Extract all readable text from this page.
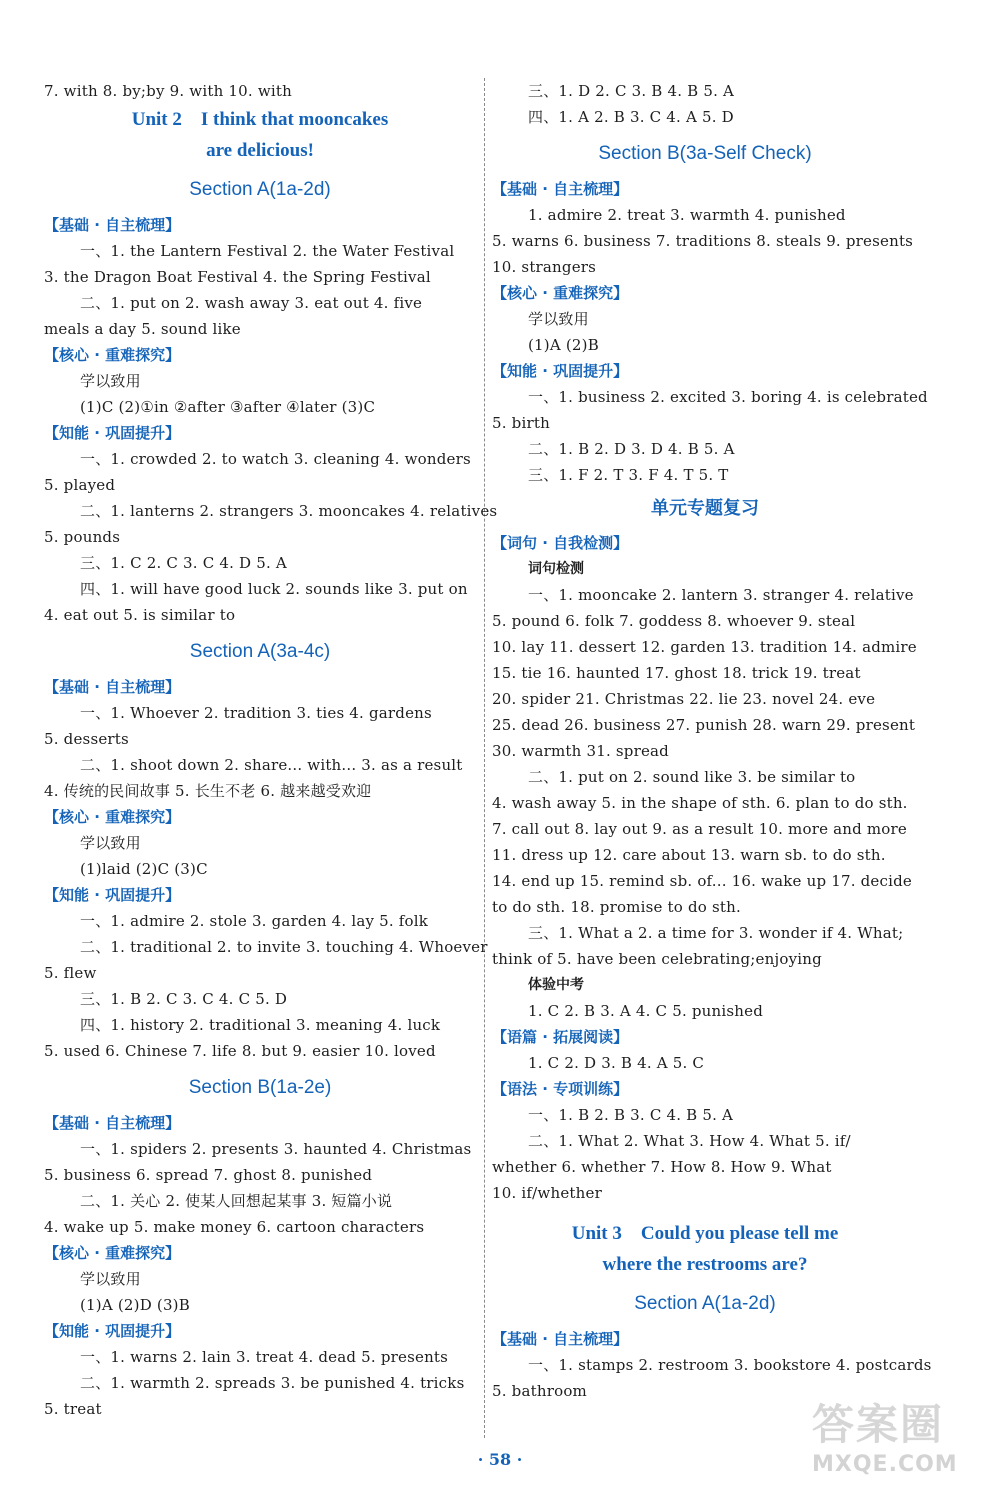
7. with 8. by;by 9. with 10. with
Unit 2    I think that mooncakes
are delicious!
Section A(1a-2d)
【基础 · 自主梳理】
一、1. the Lantern Festival 2. the Water Festival
3. the Dragon Boat Festival 4. the Spring Festival
二、1. put on 2. wash away 3. eat out 4. five
meals a day 5. sound like
【核心 · 重难探究】
学以致用
(1)C (2)①in ②after ③after ④later (3)C
【知能 · 巩固提升】
一、1. crowded 2. to watch 3. cleaning 4. wonders
5. played
二、1. lanterns 2. strangers 3. mooncakes 4. relatives
5. pounds
三、1. C 2. C 3. C 4. D 5. A
四、1. will have good luck 2. sounds like 3. put on
4. eat out 5. is similar to
Section A(3a-4c)
【基础 · 自主梳理】
一、1. Whoever 2. tradition 3. ties 4. gardens
5. desserts
二、1. shoot down 2. share... with... 3. as a result
4. 传统的民间故事 5. 长生不老 6. 越来越受欢迎
【核心 · 重难探究】
学以致用
(1)laid (2)C (3)C
【知能 · 巩固提升】
一、1. admire 2. stole 3. garden 4. lay 5. folk
二、1. traditional 2. to invite 3. touching 4. Whoever
5. flew
三、1. B 2. C 3. C 4. C 5. D
四、1. history 2. traditional 3. meaning 4. luck
5. used 6. Chinese 7. life 8. but 9. easier 10. loved
Section B(1a-2e)
【基础 · 自主梳理】
一、1. spiders 2. presents 3. haunted 4. Christmas
5. business 6. spread 7. ghost 8. punished
二、1. 关心 2. 使某人回想起某事 3. 短篇小说
4. wake up 5. make money 6. cartoon characters
【核心 · 重难探究】
学以致用
(1)A (2)D (3)B
【知能 · 巩固提升】
一、1. warns 2. lain 3. treat 4. dead 5. presents
二、1. warmth 2. spreads 3. be punished 4. tricks
5. treat
三、1. D 2. C 3. B 4. B 5. A
四、1. A 2. B 3. C 4. A 5. D
Section B(3a-Self Check)
【基础 · 自主梳理】
1. admire 2. treat 3. warmth 4. punished
5. warns 6. business 7. traditions 8. steals 9. presents
10. strangers
【核心 · 重难探究】
学以致用
(1)A (2)B
【知能 · 巩固提升】
一、1. business 2. excited 3. boring 4. is celebrated
5. birth
二、1. B 2. D 3. D 4. B 5. A
三、1. F 2. T 3. F 4. T 5. T
单元专题复习
【词句 · 自我检测】
词句检测
一、1. mooncake 2. lantern 3. stranger 4. relative
5. pound 6. folk 7. goddess 8. whoever 9. steal
10. lay 11. dessert 12. garden 13. tradition 14. admire
15. tie 16. haunted 17. ghost 18. trick 19. treat
20. spider 21. Christmas 22. lie 23. novel 24. eve
25. dead 26. business 27. punish 28. warn 29. present
30. warmth 31. spread
二、1. put on 2. sound like 3. be similar to
4. wash away 5. in the shape of sth. 6. plan to do sth.
7. call out 8. lay out 9. as a result 10. more and more
11. dress up 12. care about 13. warn sb. to do sth.
14. end up 15. remind sb. of... 16. wake up 17. decide
to do sth. 18. promise to do sth.
三、1. What a 2. a time for 3. wonder if 4. What;
think of 5. have been celebrating;enjoying
体验中考
1. C 2. B 3. A 4. C 5. punished
【语篇 · 拓展阅读】
1. C 2. D 3. B 4. A 5. C
【语法 · 专项训练】
一、1. B 2. B 3. C 4. B 5. A
二、1. What 2. What 3. How 4. What 5. if/
whether 6. whether 7. How 8. How 9. What
10. if/whether
Unit 3    Could you please tell me
where the restrooms are?
Section A(1a-2d)
【基础 · 自主梳理】
一、1. stamps 2. restroom 3. bookstore 4. postcards
5. bathroom
· 58 ·
答案圈
MXQE.COM
